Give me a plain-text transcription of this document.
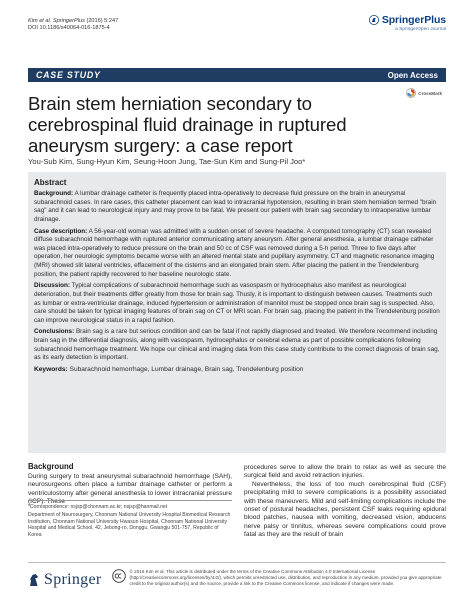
Kim et al. SpringerPlus (2016) 5:247
DOI 10.1186/s40064-016-1875-4
SpringerPlus
a SpringerOpen Journal
CASE STUDY	Open Access
CrossMark
Brain stem herniation secondary to cerebrospinal fluid drainage in ruptured aneurysm surgery: a case report
You-Sub Kim, Sung-Hyun Kim, Seung-Hoon Jung, Tae-Sun Kim and Sung-Pil Joo*
Abstract

Background: A lumbar drainage catheter is frequently placed intra-operatively to decrease fluid pressure on the brain in aneurysmal subarachnoid cases. In rare cases, this catheter placement can lead to intracranial hypotension, resulting in brain stem herniation termed "brain sag" and it can lead to neurological injury and may prove to be fatal. We present our patient with brain sag secondary to intraoperative lumbar drainage.

Case description: A 56-year-old woman was admitted with a sudden onset of severe headache. A computed tomography (CT) scan revealed diffuse subarachnoid hemorrhage with ruptured anterior communicating artery aneurysm. After general anesthesia, a lumbar drainage catheter was placed intra-operatively to reduce pressure on the brain and 50 cc of CSF was removed during a 5-h period. Three to five days after operation, her neurologic symptoms became worse with an altered mental state and pupillary asymmetry. CT and magnetic resonance imaging (MRI) showed slit lateral ventricles, effacement of the cisterns and an elongated brain stem. After placing the patient in the Trendelenburg position, the patient rapidly recovered to her baseline neurologic state.

Discussion: Typical complications of subarachnoid hemorrhage such as vasospasm or hydrocephalus also manifest as neurological deterioration, but their treatments differ greatly from those for brain sag. Thusly, it is important to distinguish between causes. Treatments such as lumbar or extra-ventricular drainage, induced hypertension or administration of mannitol must be stopped once brain sag is suspected. Also, care should be taken for typical imaging features of brain sag on CT or MRI scan. For brain sag, placing the patient in the Trendelenburg position can improve neurological status in a rapid fashion.

Conclusions: Brain sag is a rare but serious condition and can be fatal if not rapidly diagnosed and treated. We therefore recommend including brain sag in the differential diagnosis, along with vasospasm, hydrocephalus or cerebral edema as part of possible complications following subarachnoid hemorrhage treatment. We hope our clinical and imaging data from this case study contribute to the correct diagnosis of brain sag, as its early detection is important.

Keywords: Subarachnoid hemorrhage, Lumbar drainage, Brain sag, Trendelenburg position

Background

During surgery to treat aneurysmal subarachnoid hemorrhage (SAH), neurosurgeons often place a lumbar drainage catheter or perform a ventriculostomy after general anesthesia to lower intracranial pressure (ICP). These

*Correspondence: nsjsp@chonnam.ac.kr; nsjsp@hanmail.net

Department of Neurosurgery, Chonnam National University Hospital Biomedical Research Institution, Chonnam National University Hwasun Hospital, Chonnam National University Hospital and Medical School, 42, Jebong-ro, Donggu, Gwangju 501-757, Republic of Korea

procedures serve to allow the brain to relax as well as secure the surgical field and avoid retraction injuries.

Nevertheless, the loss of too much cerebrospinal fluid (CSF) precipitating mild to severe complications is a possibility associated with these maneuvers. Mild and self-limiting complications include the onset of postural headaches, persistent CSF leaks requiring epidural blood patches, nausea with vomiting, decreased vision, abducens nerve palsy or tinnitus, whereas severe complications could prove fatal as they are the result of brain

Springer	© 2016 Kim et al. This article is distributed under the terms of the Creative Commons Attribution 4.0 International License (http://creativecommons.org/licenses/by/4.0/), which permits unrestricted use, distribution, and reproduction in any medium, provided you give appropriate credit to the original author(s) and the source, provide a link to the Creative Commons license, and indicate if changes were made.
